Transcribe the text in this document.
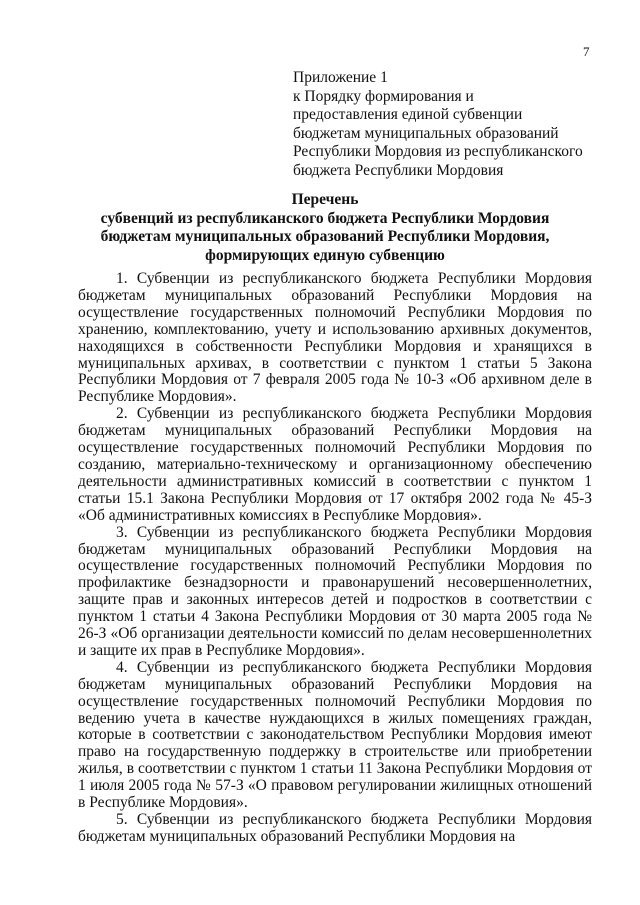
7
Приложение 1
к Порядку формирования и
предоставления единой субвенции
бюджетам муниципальных образований
Республики Мордовия из республиканского
бюджета Республики Мордовия
Перечень
субвенций из республиканского бюджета Республики Мордовия
бюджетам муниципальных образований Республики Мордовия,
формирующих единую субвенцию

1. Субвенции из республиканского бюджета Республики Мордовия бюджетам муниципальных образований Республики Мордовия на осуществление государственных полномочий Республики Мордовия по хранению, комплектованию, учету и использованию архивных документов, находящихся в собственности Республики Мордовия и хранящихся в муниципальных архивах, в соответствии с пунктом 1 статьи 5 Закона Республики Мордовия от 7 февраля 2005 года № 10-З «Об архивном деле в Республике Мордовия».

2. Субвенции из республиканского бюджета Республики Мордовия бюджетам муниципальных образований Республики Мордовия на осуществление государственных полномочий Республики Мордовия по созданию, материально-техническому и организационному обеспечению деятельности административных комиссий в соответствии с пунктом 1 статьи 15.1 Закона Республики Мордовия от 17 октября 2002 года № 45-З «Об административных комиссиях в Республике Мордовия».

3. Субвенции из республиканского бюджета Республики Мордовия бюджетам муниципальных образований Республики Мордовия на осуществление государственных полномочий Республики Мордовия по профилактике безнадзорности и правонарушений несовершеннолетних, защите прав и законных интересов детей и подростков в соответствии с пунктом 1 статьи 4 Закона Республики Мордовия от 30 марта 2005 года № 26-З «Об организации деятельности комиссий по делам несовершеннолетних и защите их прав в Республике Мордовия».

4. Субвенции из республиканского бюджета Республики Мордовия бюджетам муниципальных образований Республики Мордовия на осуществление государственных полномочий Республики Мордовия по ведению учета в качестве нуждающихся в жилых помещениях граждан, которые в соответствии с законодательством Республики Мордовия имеют право на государственную поддержку в строительстве или приобретении жилья, в соответствии с пунктом 1 статьи 11 Закона Республики Мордовия от 1 июля 2005 года № 57-З «О правовом регулировании жилищных отношений в Республике Мордовия».

5. Субвенции из республиканского бюджета Республики Мордовия бюджетам муниципальных образований Республики Мордовия на
